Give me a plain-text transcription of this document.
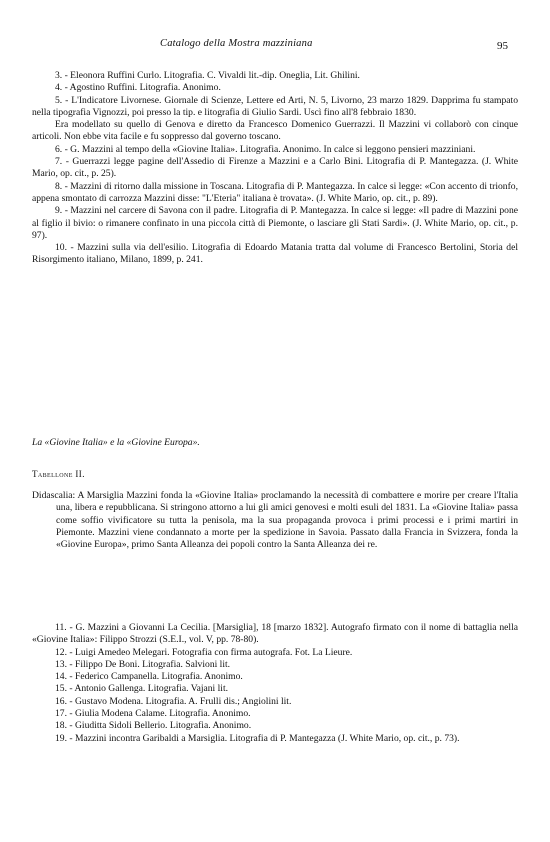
Catalogo della Mostra mazziniana	95

3. - Eleonora Ruffini Curlo. Litografia. C. Vivaldi lit.-dip. Oneglia, Lit. Ghilini.

4. - Agostino Ruffini. Litografia. Anonimo.

5. - L'Indicatore Livornese. Giornale di Scienze, Lettere ed Arti, N. 5, Livorno, 23 marzo 1829. Dapprima fu stampato nella tipografia Vignozzi, poi presso la tip. e litografia di Giulio Sardi. Uscì fino all'8 febbraio 1830.

Era modellato su quello di Genova e diretto da Francesco Domenico Guerrazzi. Il Mazzini vi collaborò con cinque articoli. Non ebbe vita facile e fu soppresso dal governo toscano.

6. - G. Mazzini al tempo della «Giovine Italia». Litografia. Anonimo. In calce si leggono pensieri mazziniani.

7. - Guerrazzi legge pagine dell'Assedio di Firenze a Mazzini e a Carlo Bini. Litografia di P. Mantegazza. (J. White Mario, op. cit., p. 25).

8. - Mazzini di ritorno dalla missione in Toscana. Litografia di P. Mantegazza. In calce si legge: «Con accento di trionfo, appena smontato di carrozza Mazzini disse: "L'Eteria" italiana è trovata». (J. White Mario, op. cit., p. 89).

9. - Mazzini nel carcere di Savona con il padre. Litografia di P. Mantegazza. In calce si legge: «Il padre di Mazzini pone al figlio il bivio: o rimanere confinato in una piccola città di Piemonte, o lasciare gli Stati Sardi». (J. White Mario, op. cit., p. 97).

10. - Mazzini sulla via dell'esilio. Litografia di Edoardo Matania tratta dal volume di Francesco Bertolini, Storia del Risorgimento italiano, Milano, 1899, p. 241.

La «Giovine Italia» e la «Giovine Europa».
Tabellone II.

Didascalia: A Marsiglia Mazzini fonda la «Giovine Italia» proclamando la necessità di combattere e morire per creare l'Italia una, libera e repubblicana. Si stringono attorno a lui gli amici genovesi e molti esuli del 1831. La «Giovine Italia» passa come soffio vivificatore su tutta la penisola, ma la sua propaganda provoca i primi processi e i primi martiri in Piemonte. Mazzini viene condannato a morte per la spedizione in Savoia. Passato dalla Francia in Svizzera, fonda la «Giovine Europa», primo Santa Alleanza dei popoli contro la Santa Alleanza dei re.

11. - G. Mazzini a Giovanni La Cecilia. [Marsiglia], 18 [marzo 1832]. Autografo firmato con il nome di battaglia nella «Giovine Italia»: Filippo Strozzi (S.E.I., vol. V, pp. 78-80).

12. - Luigi Amedeo Melegari. Fotografia con firma autografa. Fot. La Lieure.

13. - Filippo De Boni. Litografia. Salvioni lit.

14. - Federico Campanella. Litografia. Anonimo.

15. - Antonio Gallenga. Litografia. Vajani lit.

16. - Gustavo Modena. Litografia. A. Frulli dis.; Angiolini lit.

17. - Giulia Modena Calame. Litografia. Anonimo.

18. - Giuditta Sidoli Bellerio. Litografia. Anonimo.

19. - Mazzini incontra Garibaldi a Marsiglia. Litografia di P. Mantegazza (J. White Mario, op. cit., p. 73).
